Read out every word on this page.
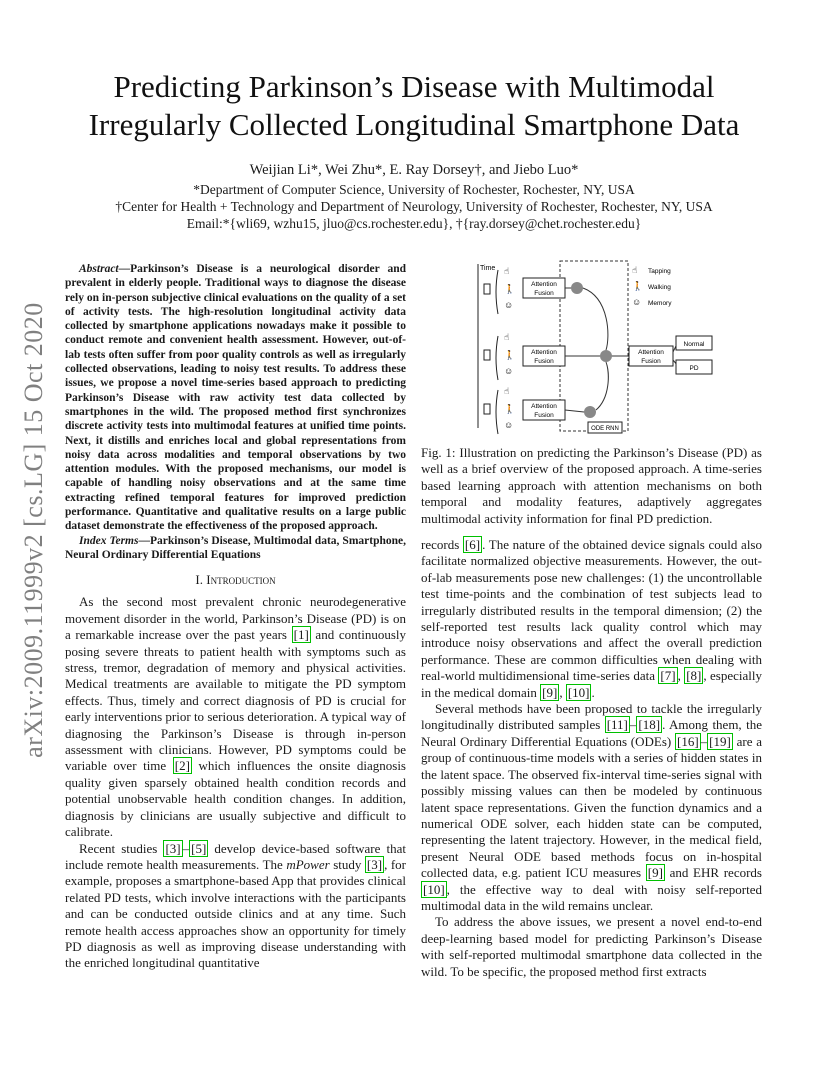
arXiv:2009.11999v2 [cs.LG] 15 Oct 2020
Predicting Parkinson’s Disease with Multimodal
Irregularly Collected Longitudinal Smartphone Data
Weijian Li*, Wei Zhu*, E. Ray Dorsey†, and Jiebo Luo*
*Department of Computer Science, University of Rochester, Rochester, NY, USA
†Center for Health + Technology and Department of Neurology, University of Rochester, Rochester, NY, USA
Email:*{wli69, wzhu15, jluo@cs.rochester.edu}, †{ray.dorsey@chet.rochester.edu}

Abstract—Parkinson’s Disease is a neurological disorder and prevalent in elderly people. Traditional ways to diagnose the disease rely on in-person subjective clinical evaluations on the quality of a set of activity tests. The high-resolution longitudinal activity data collected by smartphone applications nowadays make it possible to conduct remote and convenient health assessment. However, out-of-lab tests often suffer from poor quality controls as well as irregularly collected observations, leading to noisy test results. To address these issues, we propose a novel time-series based approach to predicting Parkinson’s Disease with raw activity test data collected by smartphones in the wild. The proposed method first synchronizes discrete activity tests into multimodal features at unified time points. Next, it distills and enriches local and global representations from noisy data across modalities and temporal observations by two attention modules. With the proposed mechanisms, our model is capable of handling noisy observations and at the same time extracting refined temporal features for improved prediction performance. Quantitative and qualitative results on a large public dataset demonstrate the effectiveness of the proposed approach.

Index Terms—Parkinson’s Disease, Multimodal data, Smartphone, Neural Ordinary Differential Equations

I. Introduction

As the second most prevalent chronic neurodegenerative movement disorder in the world, Parkinson’s Disease (PD) is on a remarkable increase over the past years [1] and continuously posing severe threats to patient health with symptoms such as stress, tremor, degradation of memory and physical activities. Medical treatments are available to mitigate the PD symptom effects. Thus, timely and correct diagnosis of PD is crucial for early interventions prior to serious deterioration. A typical way of diagnosing the Parkinson’s Disease is through in-person assessment with clinicians. However, PD symptoms could be variable over time [2] which influences the onsite diagnosis quality given sparsely obtained health condition records and potential unobservable health condition changes. In addition, diagnosis by clinicians are usually subjective and difficult to calibrate.

Recent studies [3] – [5] develop device-based software that include remote health measurements. The mPower study [3] , for example, proposes a smartphone-based App that provides clinical related PD tests, which involve interactions with the participants and can be conducted outside clinics and at any time. Such remote health access approaches show an opportunity for timely PD diagnosis as well as improving disease understanding with the enriched longitudinal quantitative

Time ☝
🚶
☺
Attention
Fusion
☝
🚶
☺
Attention
Fusion
☝
🚶
☺
Attention
Fusion
Attention
Fusion
Normal
PD
☝ Tapping
🚶 Walking
☺ Memory
ODE RNN
Fig. 1: Illustration on predicting the Parkinson’s Disease (PD) as well as a brief overview of the proposed approach. A time-series based learning approach with attention mechanisms on both temporal and modality features, adaptively aggregates multimodal activity information for final PD prediction.

records [6] . The nature of the obtained device signals could also facilitate normalized objective measurements. However, the out-of-lab measurements pose new challenges: (1) the uncontrollable test time-points and the combination of test subjects lead to irregularly distributed results in the temporal dimension; (2) the self-reported test results lack quality control which may introduce noisy observations and affect the overall prediction performance. These are common difficulties when dealing with real-world multidimensional time-series data [7] , [8] , especially in the medical domain [9] , [10] .

Several methods have been proposed to tackle the irregularly longitudinally distributed samples [11] – [18] . Among them, the Neural Ordinary Differential Equations (ODEs) [16] – [19] are a group of continuous-time models with a series of hidden states in the latent space. The observed fix-interval time-series signal with possibly missing values can then be modeled by continuous latent space representations. Given the function dynamics and a numerical ODE solver, each hidden state can be computed, representing the latent trajectory. However, in the medical field, present Neural ODE based methods focus on in-hospital collected data, e.g. patient ICU measures [9] and EHR records [10] , the effective way to deal with noisy self-reported multimodal data in the wild remains unclear.

To address the above issues, we present a novel end-to-end deep-learning based model for predicting Parkinson’s Disease with self-reported multimodal smartphone data collected in the wild. To be specific, the proposed method first extracts
